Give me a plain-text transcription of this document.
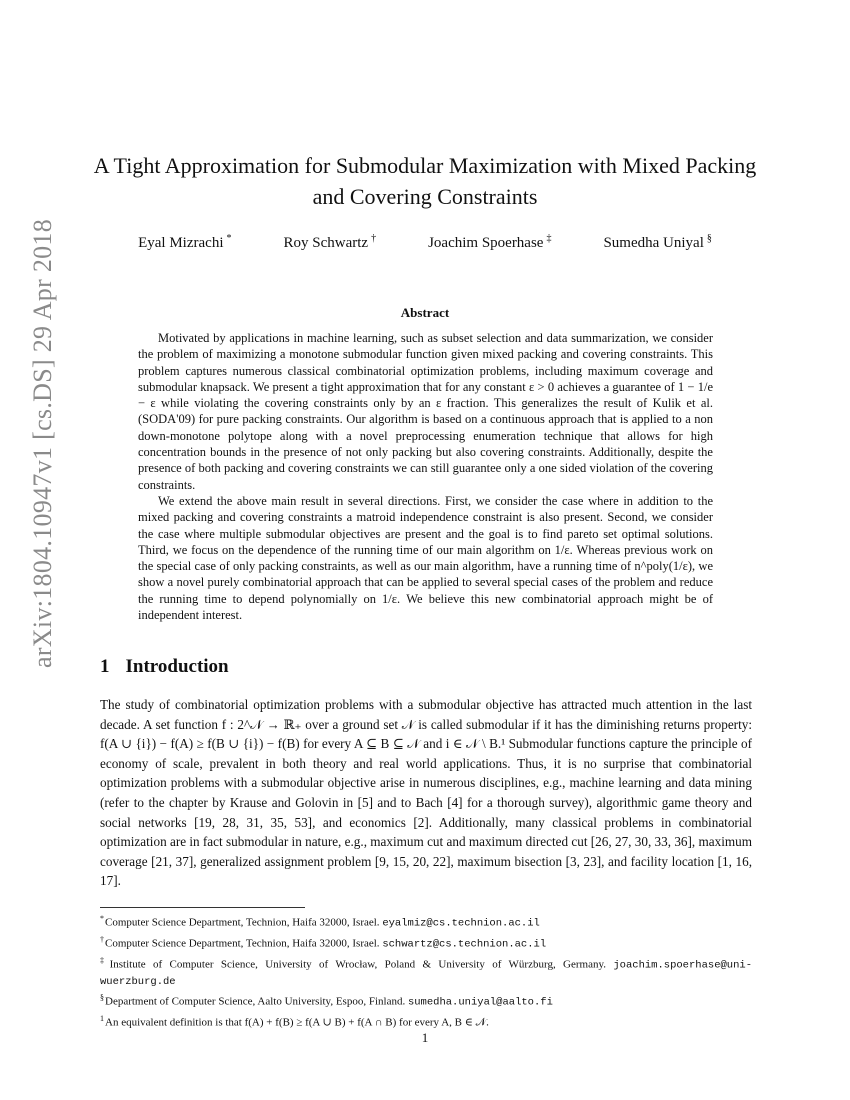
arXiv:1804.10947v1 [cs.DS] 29 Apr 2018
A Tight Approximation for Submodular Maximization with Mixed Packing and Covering Constraints
Eyal Mizrachi *	Roy Schwartz †	Joachim Spoerhase ‡	Sumedha Uniyal §
Abstract

Motivated by applications in machine learning, such as subset selection and data summarization, we consider the problem of maximizing a monotone submodular function given mixed packing and covering constraints. This problem captures numerous classical combinatorial optimization problems, including maximum coverage and submodular knapsack. We present a tight approximation that for any constant ε > 0 achieves a guarantee of 1 − 1/e − ε while violating the covering constraints only by an ε fraction. This generalizes the result of Kulik et al. (SODA'09) for pure packing constraints. Our algorithm is based on a continuous approach that is applied to a non down-monotone polytope along with a novel preprocessing enumeration technique that allows for high concentration bounds in the presence of not only packing but also covering constraints. Additionally, despite the presence of both packing and covering constraints we can still guarantee only a one sided violation of the covering constraints.

We extend the above main result in several directions. First, we consider the case where in addition to the mixed packing and covering constraints a matroid independence constraint is also present. Second, we consider the case where multiple submodular objectives are present and the goal is to find pareto set optimal solutions. Third, we focus on the dependence of the running time of our main algorithm on 1/ε. Whereas previous work on the special case of only packing constraints, as well as our main algorithm, have a running time of n^poly(1/ε), we show a novel purely combinatorial approach that can be applied to several special cases of the problem and reduce the running time to depend polynomially on 1/ε. We believe this new combinatorial approach might be of independent interest.

1 Introduction

The study of combinatorial optimization problems with a submodular objective has attracted much attention in the last decade. A set function f : 2^𝒩 → ℝ₊ over a ground set 𝒩 is called submodular if it has the diminishing returns property: f(A ∪ {i}) − f(A) ≥ f(B ∪ {i}) − f(B) for every A ⊆ B ⊆ 𝒩 and i ∈ 𝒩 \ B.¹ Submodular functions capture the principle of economy of scale, prevalent in both theory and real world applications. Thus, it is no surprise that combinatorial optimization problems with a submodular objective arise in numerous disciplines, e.g., machine learning and data mining (refer to the chapter by Krause and Golovin in [5] and to Bach [4] for a thorough survey), algorithmic game theory and social networks [19, 28, 31, 35, 53], and economics [2]. Additionally, many classical problems in combinatorial optimization are in fact submodular in nature, e.g., maximum cut and maximum directed cut [26, 27, 30, 33, 36], maximum coverage [21, 37], generalized assignment problem [9, 15, 20, 22], maximum bisection [3, 23], and facility location [1, 16, 17].

*Computer Science Department, Technion, Haifa 32000, Israel. eyalmiz@cs.technion.ac.il

†Computer Science Department, Technion, Haifa 32000, Israel. schwartz@cs.technion.ac.il

‡Institute of Computer Science, University of Wrocław, Poland & University of Würzburg, Germany. joachim.spoerhase@uni-wuerzburg.de

§Department of Computer Science, Aalto University, Espoo, Finland. sumedha.uniyal@aalto.fi

$^1$An equivalent definition is that f(A) + f(B) ≥ f(A ∪ B) + f(A ∩ B) for every A, B ∈ 𝒩.

1
